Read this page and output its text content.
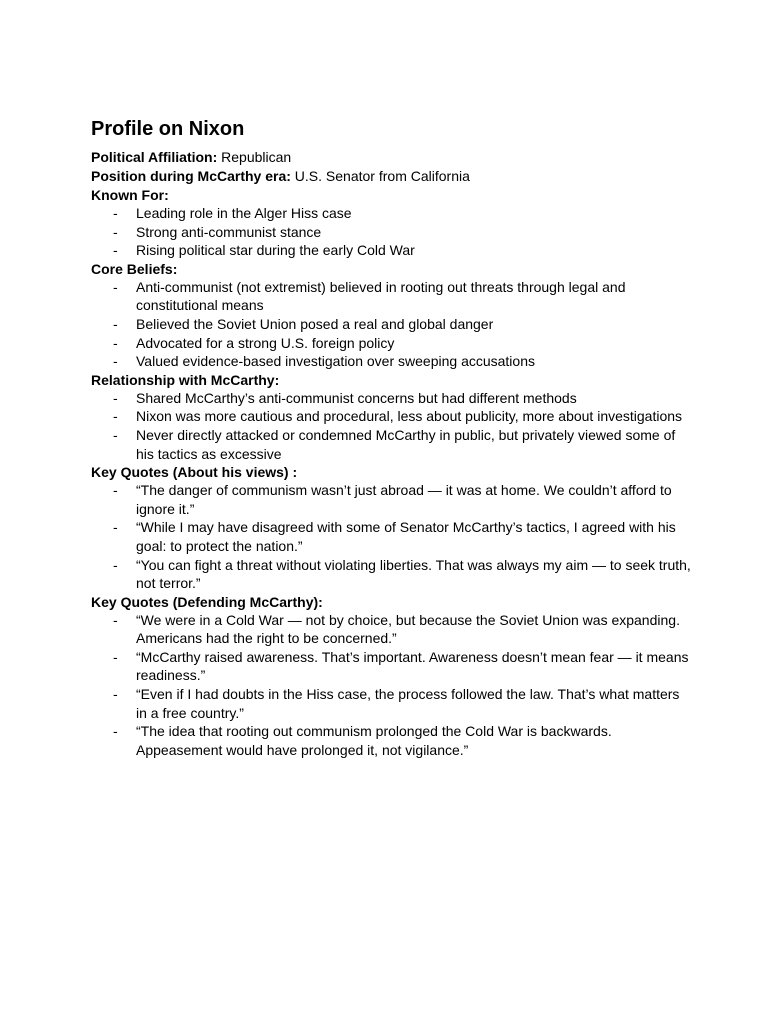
Profile on Nixon

Political Affiliation: Republican

Position during McCarthy era: U.S. Senator from California

Known For:

- Leading role in the Alger Hiss case
- Strong anti-communist stance
- Rising political star during the early Cold War

Core Beliefs:

- Anti-communist (not extremist) believed in rooting out threats through legal and constitutional means
- Believed the Soviet Union posed a real and global danger
- Advocated for a strong U.S. foreign policy
- Valued evidence-based investigation over sweeping accusations

Relationship with McCarthy:

- Shared McCarthy’s anti-communist concerns but had different methods
- Nixon was more cautious and procedural, less about publicity, more about investigations
- Never directly attacked or condemned McCarthy in public, but privately viewed some of his tactics as excessive

Key Quotes (About his views) :

- “The danger of communism wasn’t just abroad — it was at home. We couldn’t afford to ignore it.”
- “While I may have disagreed with some of Senator McCarthy’s tactics, I agreed with his goal: to protect the nation.”
- “You can fight a threat without violating liberties. That was always my aim — to seek truth, not terror.”

Key Quotes (Defending McCarthy):

- “We were in a Cold War — not by choice, but because the Soviet Union was expanding. Americans had the right to be concerned.”
- “McCarthy raised awareness. That’s important. Awareness doesn’t mean fear — it means readiness.”
- “Even if I had doubts in the Hiss case, the process followed the law. That’s what matters in a free country.”
- “The idea that rooting out communism prolonged the Cold War is backwards. Appeasement would have prolonged it, not vigilance.”
